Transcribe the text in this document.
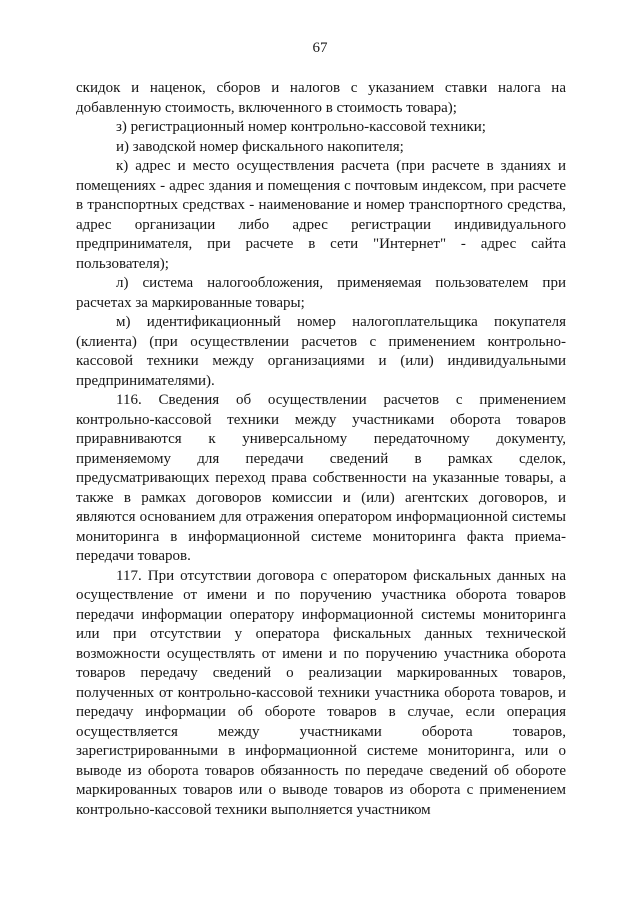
67

скидок и наценок, сборов и налогов с указанием ставки налога на добавленную стоимость, включенного в стоимость товара);

з) регистрационный номер контрольно-кассовой техники;

и) заводской номер фискального накопителя;

к) адрес и место осуществления расчета (при расчете в зданиях и помещениях - адрес здания и помещения с почтовым индексом, при расчете в транспортных средствах - наименование и номер транспортного средства, адрес организации либо адрес регистрации индивидуального предпринимателя, при расчете в сети "Интернет" - адрес сайта пользователя);

л) система налогообложения, применяемая пользователем при расчетах за маркированные товары;

м) идентификационный номер налогоплательщика покупателя (клиента) (при осуществлении расчетов с применением контрольно-кассовой техники между организациями и (или) индивидуальными предпринимателями).

116. Сведения об осуществлении расчетов с применением контрольно-кассовой техники между участниками оборота товаров приравниваются к универсальному передаточному документу, применяемому для передачи сведений в рамках сделок, предусматривающих переход права собственности на указанные товары, а также в рамках договоров комиссии и (или) агентских договоров, и являются основанием для отражения оператором информационной системы мониторинга в информационной системе мониторинга факта приема-передачи товаров.

117. При отсутствии договора с оператором фискальных данных на осуществление от имени и по поручению участника оборота товаров передачи информации оператору информационной системы мониторинга или при отсутствии у оператора фискальных данных технической возможности осуществлять от имени и по поручению участника оборота товаров передачу сведений о реализации маркированных товаров, полученных от контрольно-кассовой техники участника оборота товаров, и передачу информации об обороте товаров в случае, если операция осуществляется между участниками оборота товаров, зарегистрированными в информационной системе мониторинга, или о выводе из оборота товаров обязанность по передаче сведений об обороте маркированных товаров или о выводе товаров из оборота с применением контрольно-кассовой техники выполняется участником
